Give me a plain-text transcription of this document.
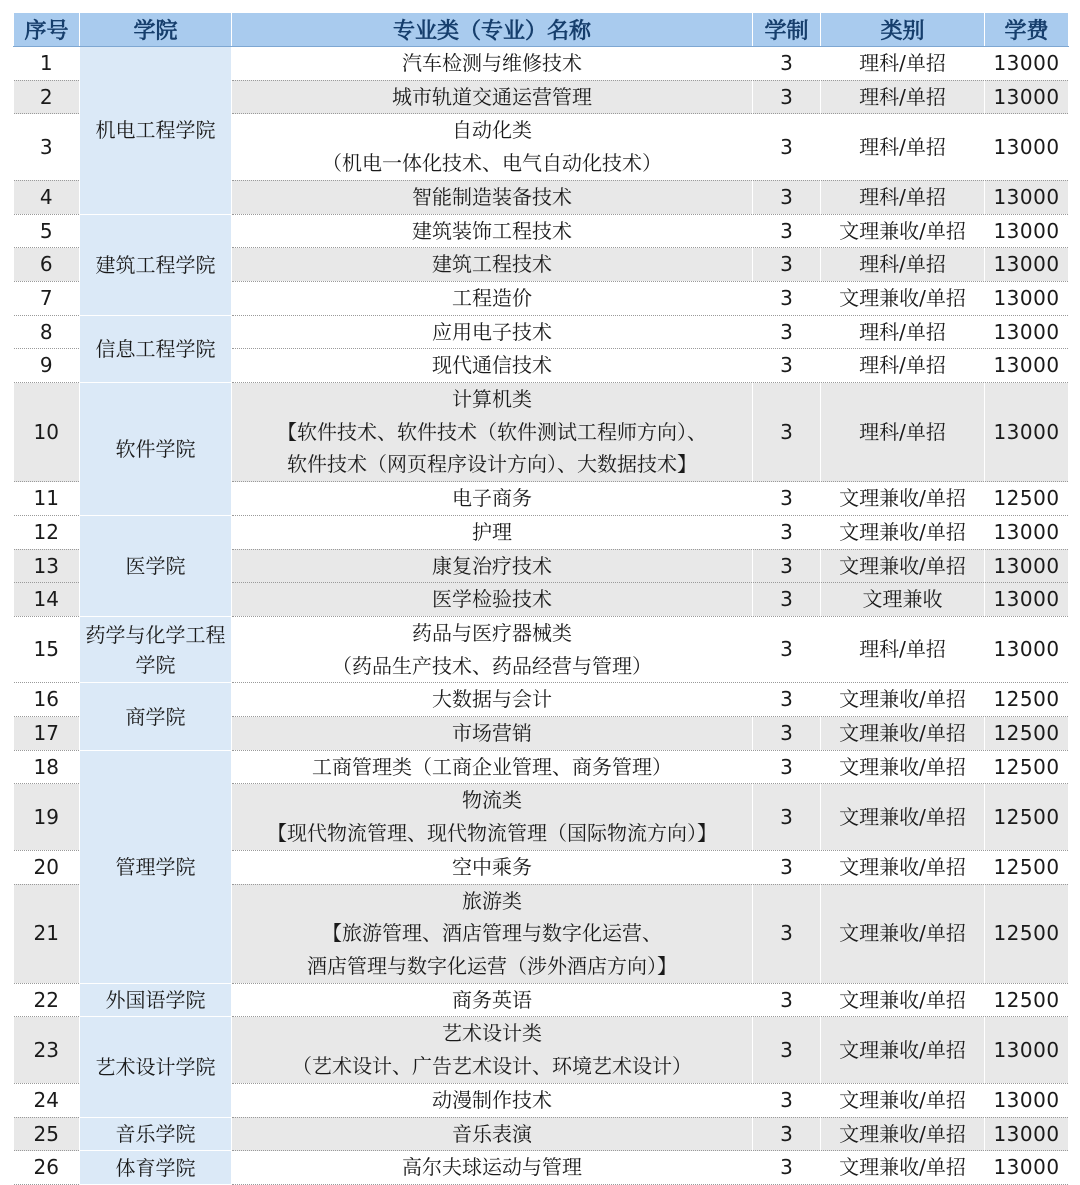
序号	学院	专业类（专业）名称	学制	类别	学费
1	机电工程学院	汽车检测与维修技术	3	理科/单招	13000
2		城市轨道交通运营管理	3	理科/单招	13000
3		自动化类
（机电一体化技术、电气自动化技术）	3	理科/单招	13000
4		智能制造装备技术	3	理科/单招	13000
5	建筑工程学院	建筑装饰工程技术	3	文理兼收/单招	13000
6		建筑工程技术	3	理科/单招	13000
7		工程造价	3	文理兼收/单招	13000
8	信息工程学院	应用电子技术	3	理科/单招	13000
9		现代通信技术	3	理科/单招	13000
10	软件学院	计算机类
【软件技术、软件技术（软件测试工程师方向）、
软件技术（网页程序设计方向）、大数据技术】	3	理科/单招	13000
11		电子商务	3	文理兼收/单招	12500
12	医学院	护理	3	文理兼收/单招	13000
13		康复治疗技术	3	文理兼收/单招	13000
14		医学检验技术	3	文理兼收	13000
15	药学与化学工程学院	药品与医疗器械类
（药品生产技术、药品经营与管理）	3	理科/单招	13000
16	商学院	大数据与会计	3	文理兼收/单招	12500
17		市场营销	3	文理兼收/单招	12500
18	管理学院	工商管理类（工商企业管理、商务管理）	3	文理兼收/单招	12500
19		物流类
【现代物流管理、现代物流管理（国际物流方向）】	3	文理兼收/单招	12500
20		空中乘务	3	文理兼收/单招	12500
21		旅游类
【旅游管理、酒店管理与数字化运营、
酒店管理与数字化运营（涉外酒店方向）】	3	文理兼收/单招	12500
22	外国语学院	商务英语	3	文理兼收/单招	12500
23	艺术设计学院	艺术设计类
（艺术设计、广告艺术设计、环境艺术设计）	3	文理兼收/单招	13000
24		动漫制作技术	3	文理兼收/单招	13000
25	音乐学院	音乐表演	3	文理兼收/单招	13000
26	体育学院	高尔夫球运动与管理	3	文理兼收/单招	13000
